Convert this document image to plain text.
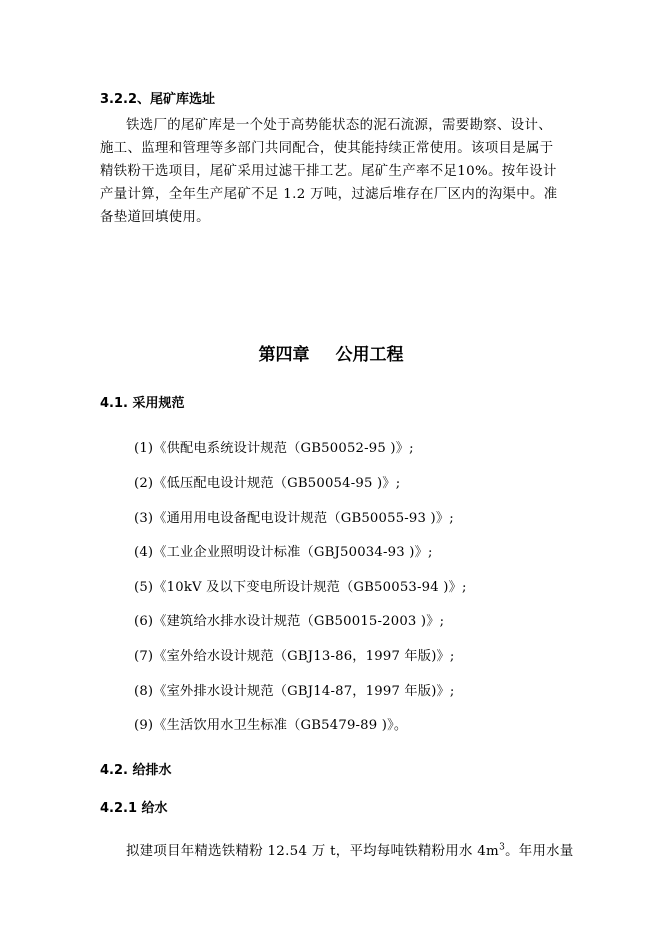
3.2.2、尾矿库选址
铁选厂的尾矿库是一个处于高势能状态的泥石流源，需要勘察、设计、施工、监理和管理等多部门共同配合，使其能持续正常使用。该项目是属于精铁粉干选项目，尾矿采用过滤干排工艺。尾矿生产率不足10%。按年设计产量计算，全年生产尾矿不足 1.2 万吨，过滤后堆存在厂区内的沟渠中。准备垫道回填使用。
第四章 公用工程
4.1. 采用规范
(1)《供配电系统设计规范（GB50052-95 )》;
(2)《低压配电设计规范（GB50054-95 )》;
(3)《通用用电设备配电设计规范（GB50055-93 )》;
(4)《工业企业照明设计标准（GBJ50034-93 )》;
(5)《10kV 及以下变电所设计规范（GB50053-94 )》;
(6)《建筑给水排水设计规范（GB50015-2003 )》;
(7)《室外给水设计规范（GBJ13-86，1997 年版)》;
(8)《室外排水设计规范（GBJ14-87，1997 年版)》;
(9)《生活饮用水卫生标准（GB5479-89 )》。
4.2. 给排水
4.2.1 给水
拟建项目年精选铁精粉 12.54 万 t，平均每吨铁精粉用水 $4m^3$。年用水量
